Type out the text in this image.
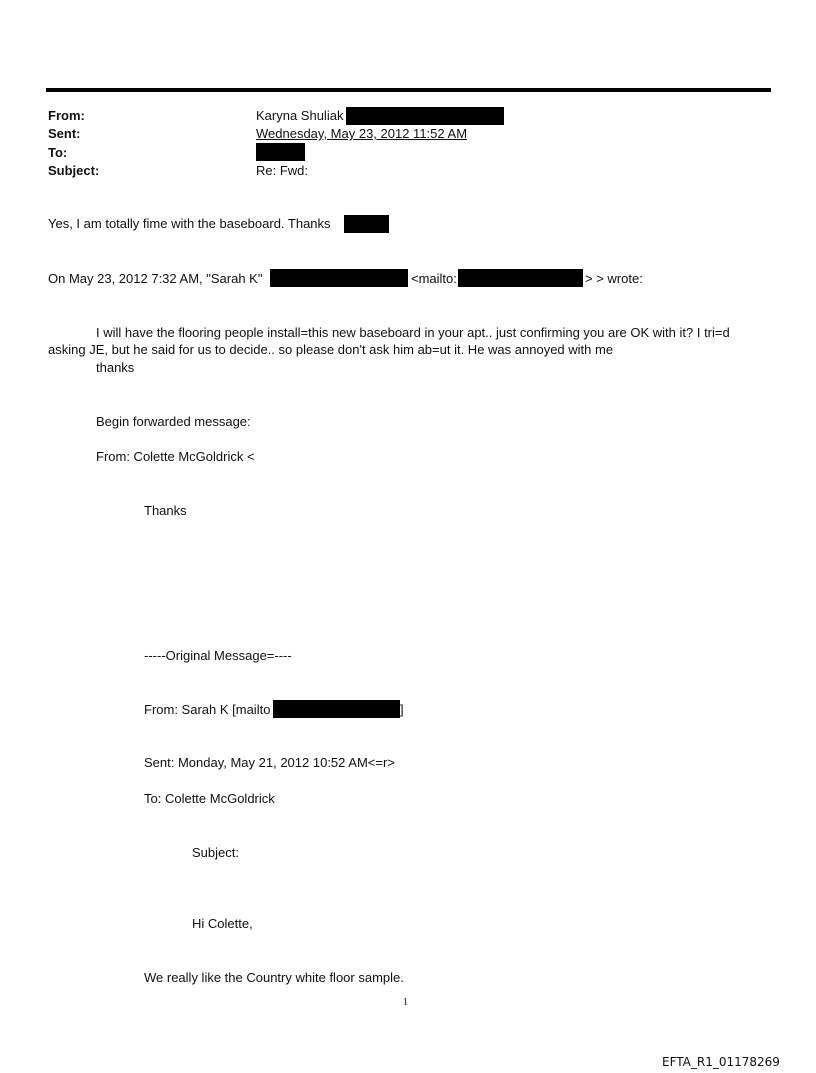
From:	Karyna Shuliak
Sent:	Wednesday, May 23, 2012 11:52 AM
To:
Subject:	Re: Fwd:
Yes, I am totally fime with the baseboard. Thanks
On May 23, 2012 7:32 AM, "Sarah K"	<mailto:	> > wrote:
I will have the flooring people install=this new baseboard in your apt.. just confirming you are OK with it? I tri=d
asking JE, but he said for us to decide.. so please don't ask him ab=ut it. He was annoyed with me
thanks
Begin forwarded message:
From: Colette McGoldrick <
Thanks
-----Original Message=----
From: Sarah K [mailto	]
Sent: Monday, May 21, 2012 10:52 AM<=r>
To: Colette McGoldrick
Subject:
Hi Colette,
We really like the Country white floor sample.
1
EFTA_R1_01178269
